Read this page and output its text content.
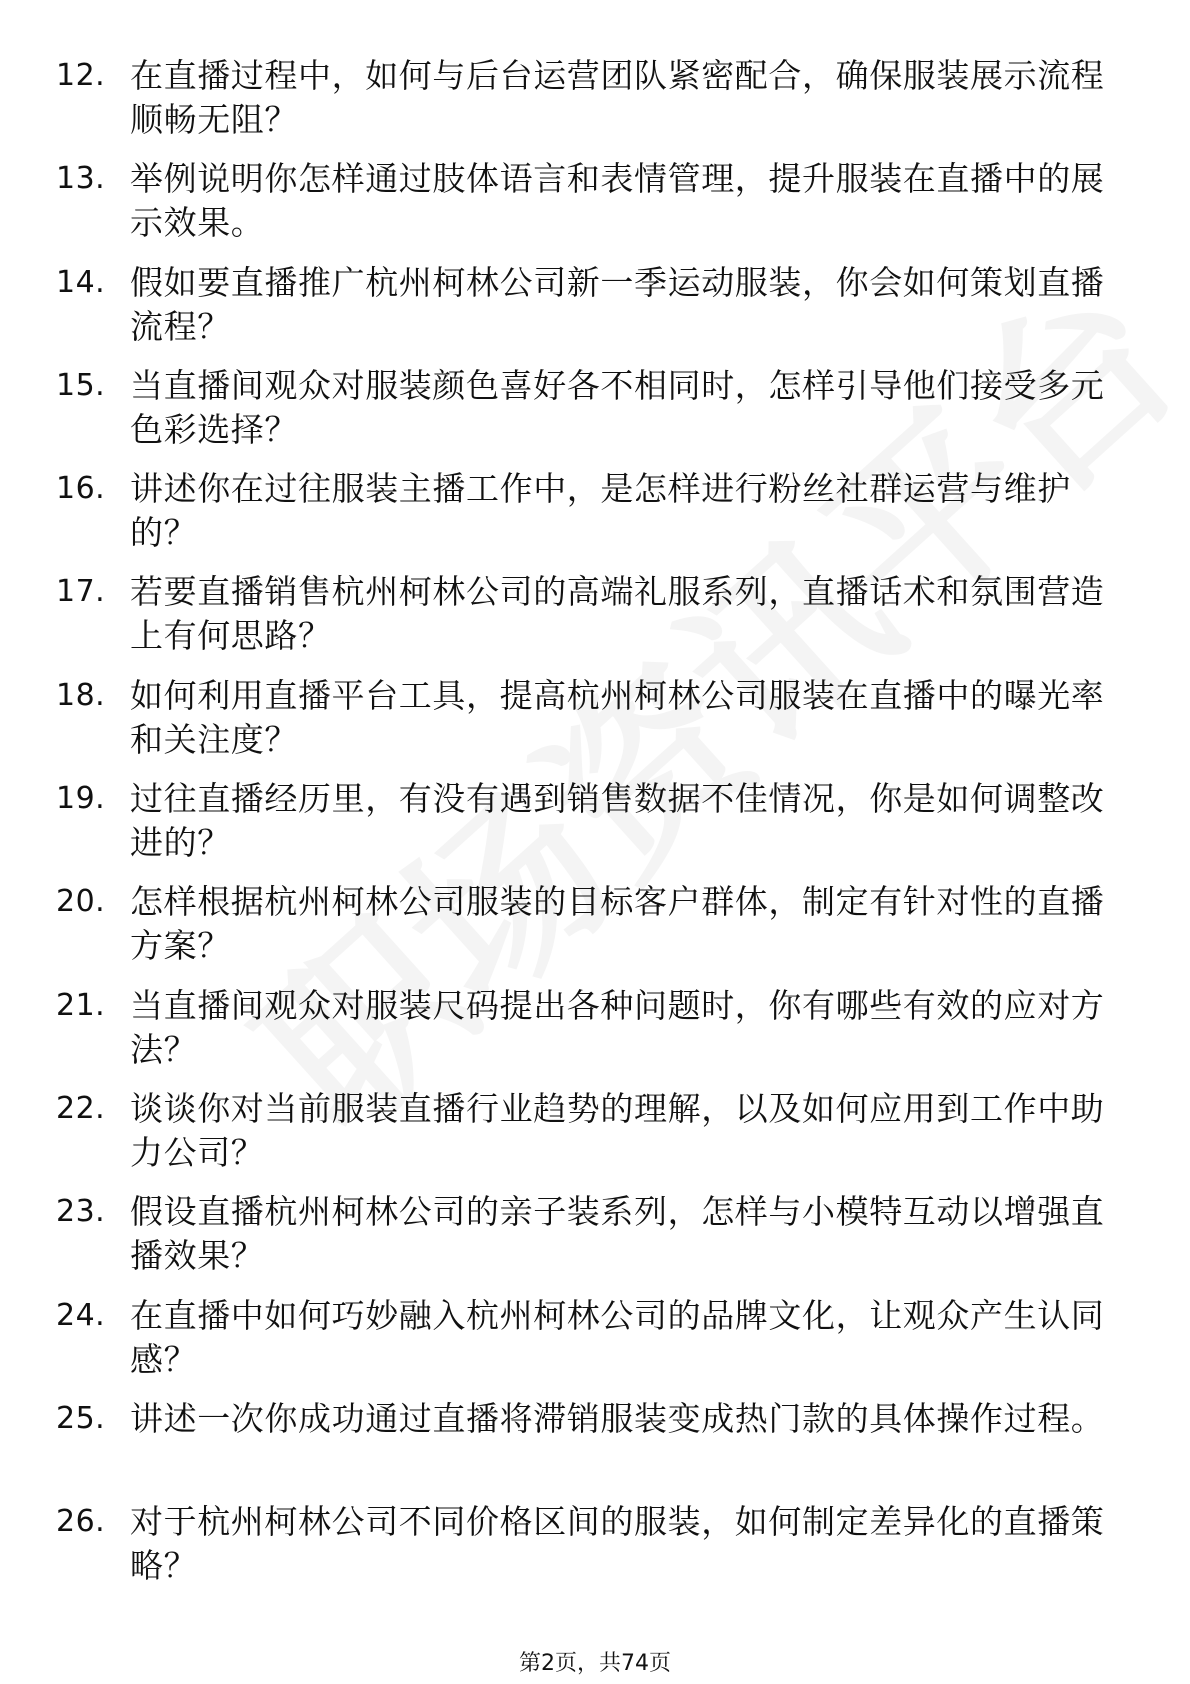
12. 在直播过程中，如何与后台运营团队紧密配合，确保服装展示流程顺畅无阻？
13. 举例说明你怎样通过肢体语言和表情管理，提升服装在直播中的展示效果。
14. 假如要直播推广杭州柯林公司新一季运动服装，你会如何策划直播流程？
15. 当直播间观众对服装颜色喜好各不相同时，怎样引导他们接受多元色彩选择？
16. 讲述你在过往服装主播工作中，是怎样进行粉丝社群运营与维护的？
17. 若要直播销售杭州柯林公司的高端礼服系列，直播话术和氛围营造上有何思路？
18. 如何利用直播平台工具，提高杭州柯林公司服装在直播中的曝光率和关注度？
19. 过往直播经历里，有没有遇到销售数据不佳情况，你是如何调整改进的？
20. 怎样根据杭州柯林公司服装的目标客户群体，制定有针对性的直播方案？
21. 当直播间观众对服装尺码提出各种问题时，你有哪些有效的应对方法？
22. 谈谈你对当前服装直播行业趋势的理解，以及如何应用到工作中助力公司？
23. 假设直播杭州柯林公司的亲子装系列，怎样与小模特互动以增强直播效果？
24. 在直播中如何巧妙融入杭州柯林公司的品牌文化，让观众产生认同感？
25. 讲述一次你成功通过直播将滞销服装变成热门款的具体操作过程。
26. 对于杭州柯林公司不同价格区间的服装，如何制定差异化的直播策略？
第2页，共74页
